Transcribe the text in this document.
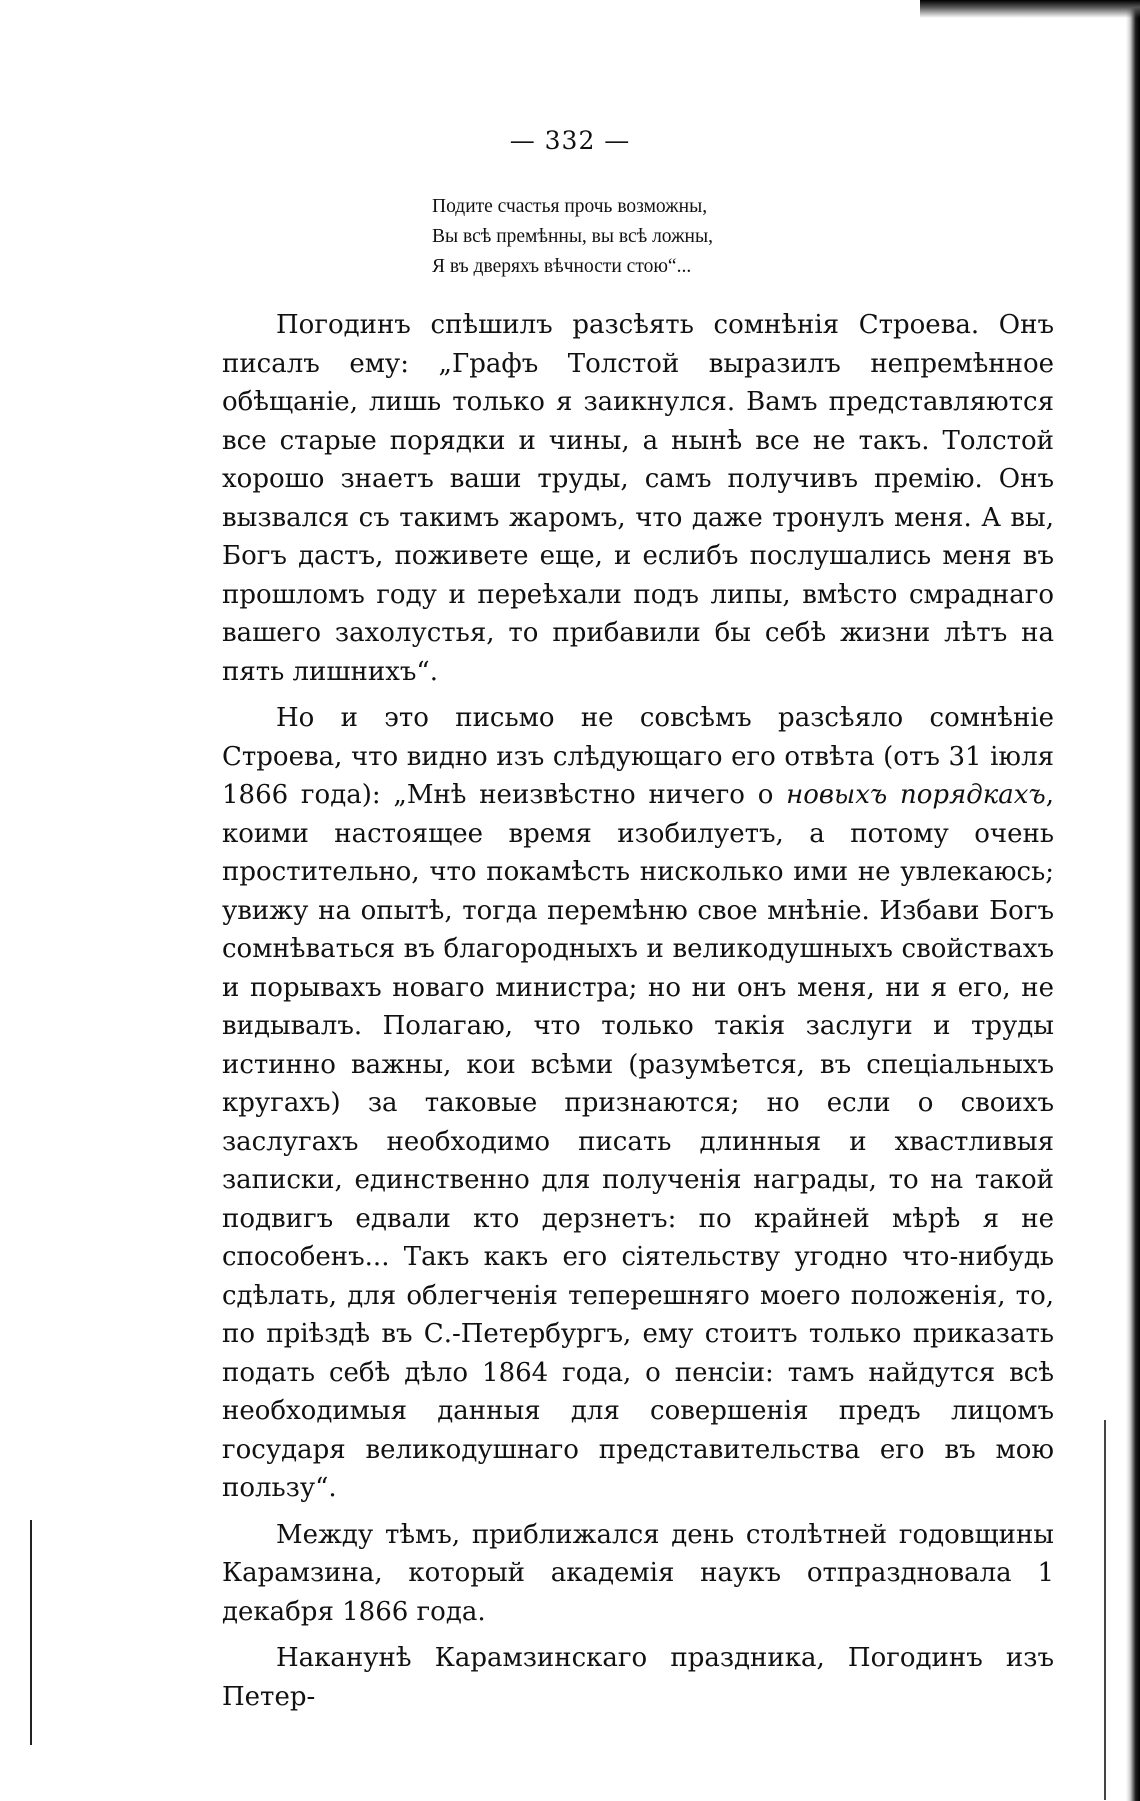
— 332 —
Подите счастья прочь возможны,
Вы всѣ премѣнны, вы всѣ ложны,
Я въ дверяхъ вѣчности стою“...

Погодинъ спѣшилъ разсѣять сомнѣнія Строева. Онъ писалъ ему: „Графъ Толстой выразилъ непремѣнное обѣщаніе, лишь только я заикнулся. Вамъ представляются все старые порядки и чины, а нынѣ все не такъ. Толстой хорошо знаетъ ваши труды, самъ получивъ премію. Онъ вызвался съ такимъ жаромъ, что даже тронулъ меня. А вы, Богъ дастъ, поживете еще, и еслибъ послушались меня въ прошломъ году и переѣхали подъ липы, вмѣсто смраднаго вашего захолустья, то прибавили бы себѣ жизни лѣтъ на пять лишнихъ“.

Но и это письмо не совсѣмъ разсѣяло сомнѣніе Строева, что видно изъ слѣдующаго его отвѣта (отъ 31 іюля 1866 года): „Мнѣ неизвѣстно ничего о новыхъ порядкахъ, коими настоящее время изобилуетъ, а потому очень простительно, что покамѣсть нисколько ими не увлекаюсь; увижу на опытѣ, тогда перемѣню свое мнѣніе. Избави Богъ сомнѣваться въ благородныхъ и великодушныхъ свойствахъ и порывахъ новаго министра; но ни онъ меня, ни я его, не видывалъ. Полагаю, что только такія заслуги и труды истинно важны, кои всѣми (разумѣется, въ спеціальныхъ кругахъ) за таковые признаются; но если о своихъ заслугахъ необходимо писать длинныя и хвастливыя записки, единственно для полученія награды, то на такой подвигъ едвали кто дерзнетъ: по крайней мѣрѣ я не способенъ... Такъ какъ его сіятельству угодно что-нибудь сдѣлать, для облегченія теперешняго моего положенія, то, по пріѣздѣ въ С.-Петербургъ, ему стоитъ только приказать подать себѣ дѣло 1864 года, о пенсіи: тамъ найдутся всѣ необходимыя данныя для совершенія предъ лицомъ государя великодушнаго представительства его въ мою пользу“.

Между тѣмъ, приближался день столѣтней годовщины Карамзина, который академія наукъ отпраздновала 1 декабря 1866 года.

Наканунѣ Карамзинскаго праздника, Погодинъ изъ Петер-
